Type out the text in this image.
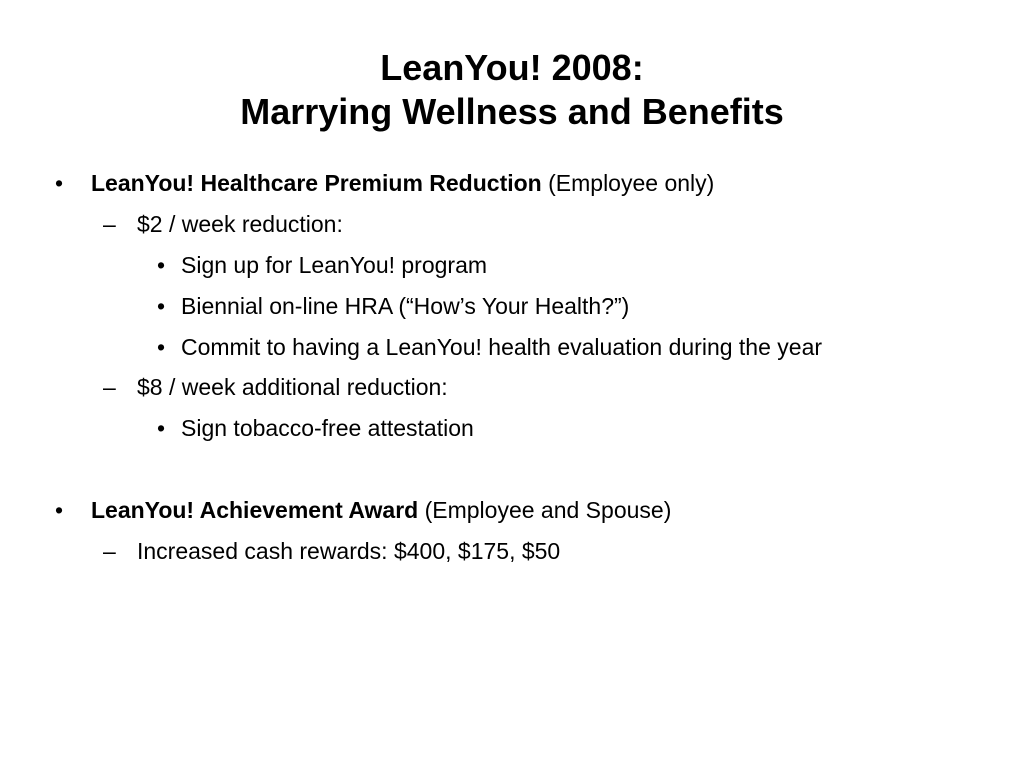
LeanYou! 2008:
Marrying Wellness and Benefits
• LeanYou! Healthcare Premium Reduction (Employee only)
– $2 / week reduction:
• Sign up for LeanYou! program
• Biennial on-line HRA (“How’s Your Health?”)
• Commit to having a LeanYou! health evaluation during the year
– $8 / week additional reduction:
• Sign tobacco-free attestation
• LeanYou! Achievement Award (Employee and Spouse)
– Increased cash rewards: $400, $175, $50
